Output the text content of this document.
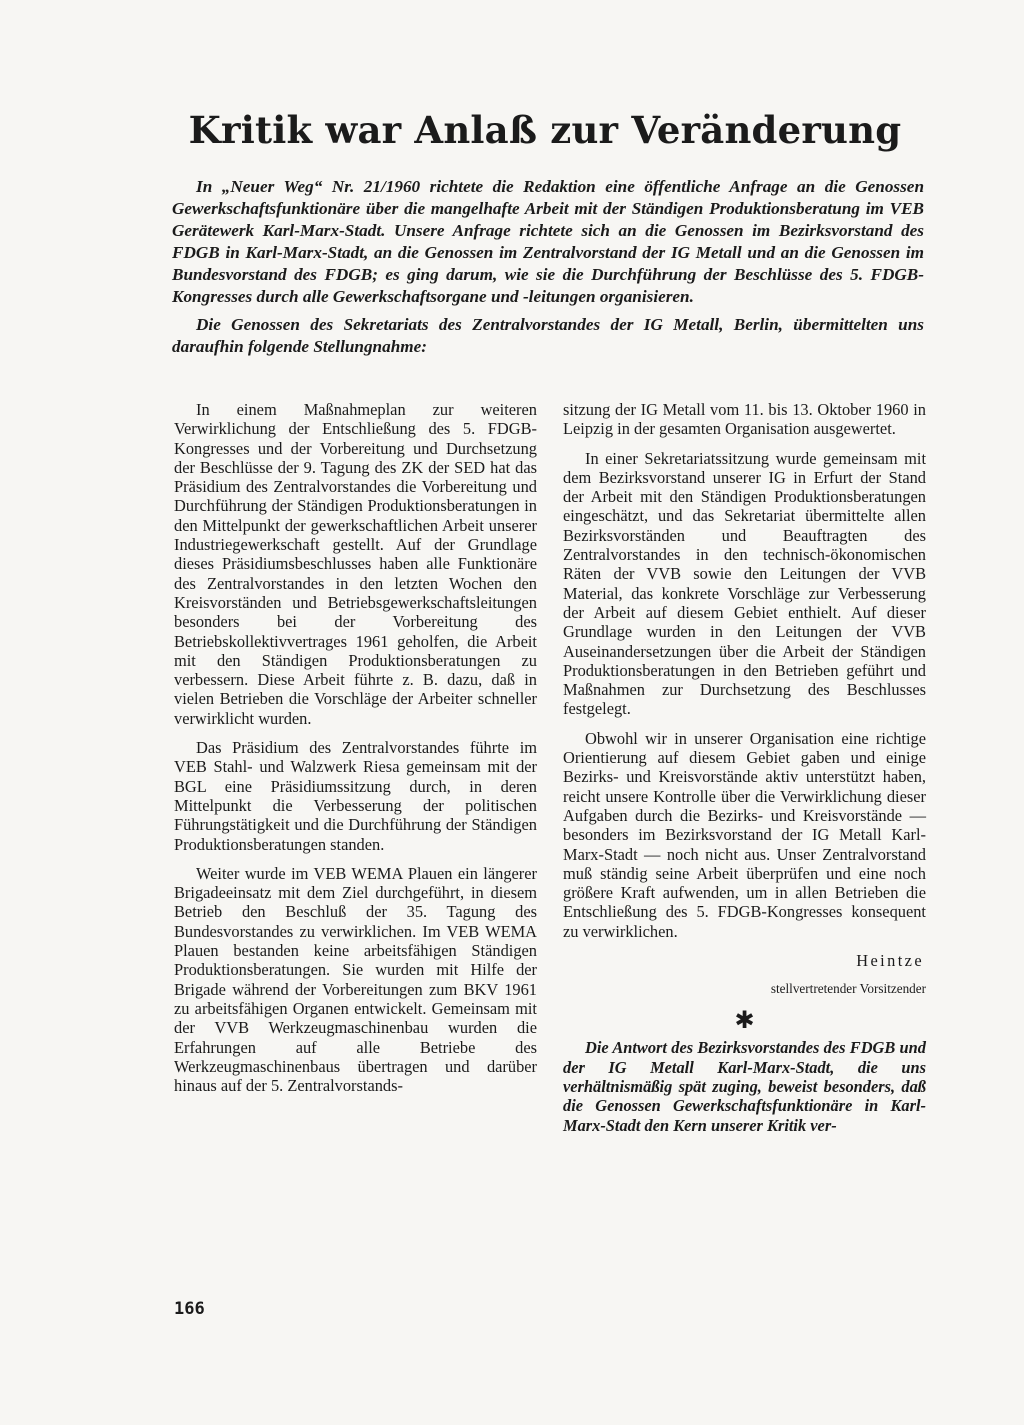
Kritik war Anlaß zur Veränderung

In „Neuer Weg“ Nr. 21/1960 richtete die Redaktion eine öffentliche Anfrage an die Genossen Gewerkschaftsfunktionäre über die mangelhafte Arbeit mit der Ständigen Produktionsberatung im VEB Gerätewerk Karl-Marx-Stadt. Unsere Anfrage richtete sich an die Genossen im Bezirksvorstand des FDGB in Karl-Marx-Stadt, an die Genossen im Zentralvorstand der IG Metall und an die Genossen im Bundesvorstand des FDGB; es ging darum, wie sie die Durchführung der Beschlüsse des 5. FDGB-Kongresses durch alle Gewerkschaftsorgane und -leitungen organisieren.

Die Genossen des Sekretariats des Zentralvorstandes der IG Metall, Berlin, übermittelten uns daraufhin folgende Stellungnahme:

In einem Maßnahmeplan zur weiteren Verwirklichung der Entschließung des 5. FDGB-Kongresses und der Vorbereitung und Durchsetzung der Beschlüsse der 9. Tagung des ZK der SED hat das Präsidium des Zentralvorstandes die Vorbereitung und Durchführung der Ständigen Produktionsberatungen in den Mittelpunkt der gewerkschaftlichen Arbeit unserer Industriegewerkschaft gestellt. Auf der Grundlage dieses Präsidiumsbeschlusses haben alle Funktionäre des Zentralvorstandes in den letzten Wochen den Kreisvorständen und Betriebsgewerkschaftsleitungen besonders bei der Vorbereitung des Betriebskollektivvertrages 1961 geholfen, die Arbeit mit den Ständigen Produktionsberatungen zu verbessern. Diese Arbeit führte z. B. dazu, daß in vielen Betrieben die Vorschläge der Arbeiter schneller verwirklicht wurden.

Das Präsidium des Zentralvorstandes führte im VEB Stahl- und Walzwerk Riesa gemeinsam mit der BGL eine Präsidiumssitzung durch, in deren Mittelpunkt die Verbesserung der politischen Führungstätigkeit und die Durchführung der Ständigen Produktionsberatungen standen.

Weiter wurde im VEB WEMA Plauen ein längerer Brigadeeinsatz mit dem Ziel durchgeführt, in diesem Betrieb den Beschluß der 35. Tagung des Bundesvorstandes zu verwirklichen. Im VEB WEMA Plauen bestanden keine arbeitsfähigen Ständigen Produktionsberatungen. Sie wurden mit Hilfe der Brigade während der Vorbereitungen zum BKV 1961 zu arbeitsfähigen Organen entwickelt. Gemeinsam mit der VVB Werkzeugmaschinenbau wurden die Erfahrungen auf alle Betriebe des Werkzeugmaschinenbaus übertragen und darüber hinaus auf der 5. Zentralvorstands-

sitzung der IG Metall vom 11. bis 13. Oktober 1960 in Leipzig in der gesamten Organisation ausgewertet.

In einer Sekretariatssitzung wurde gemeinsam mit dem Bezirksvorstand unserer IG in Erfurt der Stand der Arbeit mit den Ständigen Produktionsberatungen eingeschätzt, und das Sekretariat übermittelte allen Bezirksvorständen und Beauftragten des Zentralvorstandes in den technisch-ökonomischen Räten der VVB sowie den Leitungen der VVB Material, das konkrete Vorschläge zur Verbesserung der Arbeit auf diesem Gebiet enthielt. Auf dieser Grundlage wurden in den Leitungen der VVB Auseinandersetzungen über die Arbeit der Ständigen Produktionsberatungen in den Betrieben geführt und Maßnahmen zur Durchsetzung des Beschlusses festgelegt.

Obwohl wir in unserer Organisation eine richtige Orientierung auf diesem Gebiet gaben und einige Bezirks- und Kreisvorstände aktiv unterstützt haben, reicht unsere Kontrolle über die Verwirklichung dieser Aufgaben durch die Bezirks- und Kreisvorstände — besonders im Bezirksvorstand der IG Metall Karl-Marx-Stadt — noch nicht aus. Unser Zentralvorstand muß ständig seine Arbeit überprüfen und eine noch größere Kraft aufwenden, um in allen Betrieben die Entschließung des 5. FDGB-Kongresses konsequent zu verwirklichen.

Heintze

stellvertretender Vorsitzender

✱

Die Antwort des Bezirksvorstandes des FDGB und der IG Metall Karl-Marx-Stadt, die uns verhältnismäßig spät zuging, beweist besonders, daß die Genossen Gewerkschaftsfunktionäre in Karl-Marx-Stadt den Kern unserer Kritik ver-

166
